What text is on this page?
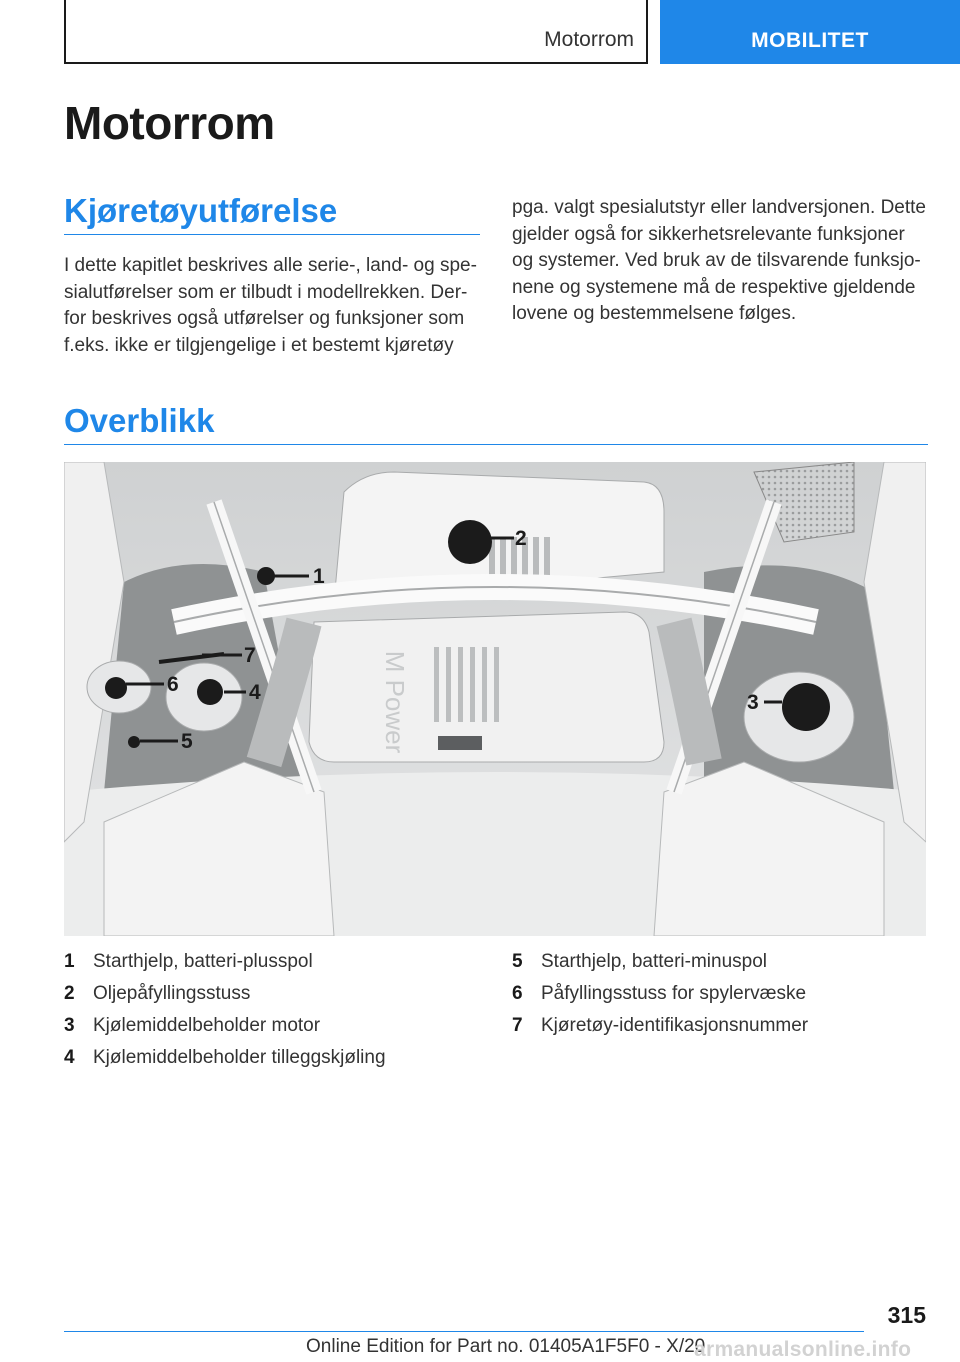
Motorrom	MOBILITET
Motorrom
Kjøretøyutførelse
I dette kapitlet beskrives alle serie-, land- og spe-
sialutførelser som er tilbudt i modellrekken. Der-
for beskrives også utførelser og funksjoner som
f.eks. ikke er tilgjengelige i et bestemt kjøretøy
pga. valgt spesialutstyr eller landversjonen. Dette
gjelder også for sikkerhetsrelevante funksjoner
og systemer. Ved bruk av de tilsvarende funksjo-
nene og systemene må de respektive gjeldende
lovene og bestemmelsene følges.
Overblikk
M Power
1
2
3
4
5
6
7
1 Starthjelp, batteri-plusspol
2 Oljepåfyllingsstuss
3 Kjølemiddelbeholder motor
4 Kjølemiddelbeholder tilleggskjøling
5 Starthjelp, batteri-minuspol
6 Påfyllingsstuss for spylervæske
7 Kjøretøy-identifikasjonsnummer
315
Online Edition for Part no. 01405A1F5F0 - X/20
armanualsonline.info
